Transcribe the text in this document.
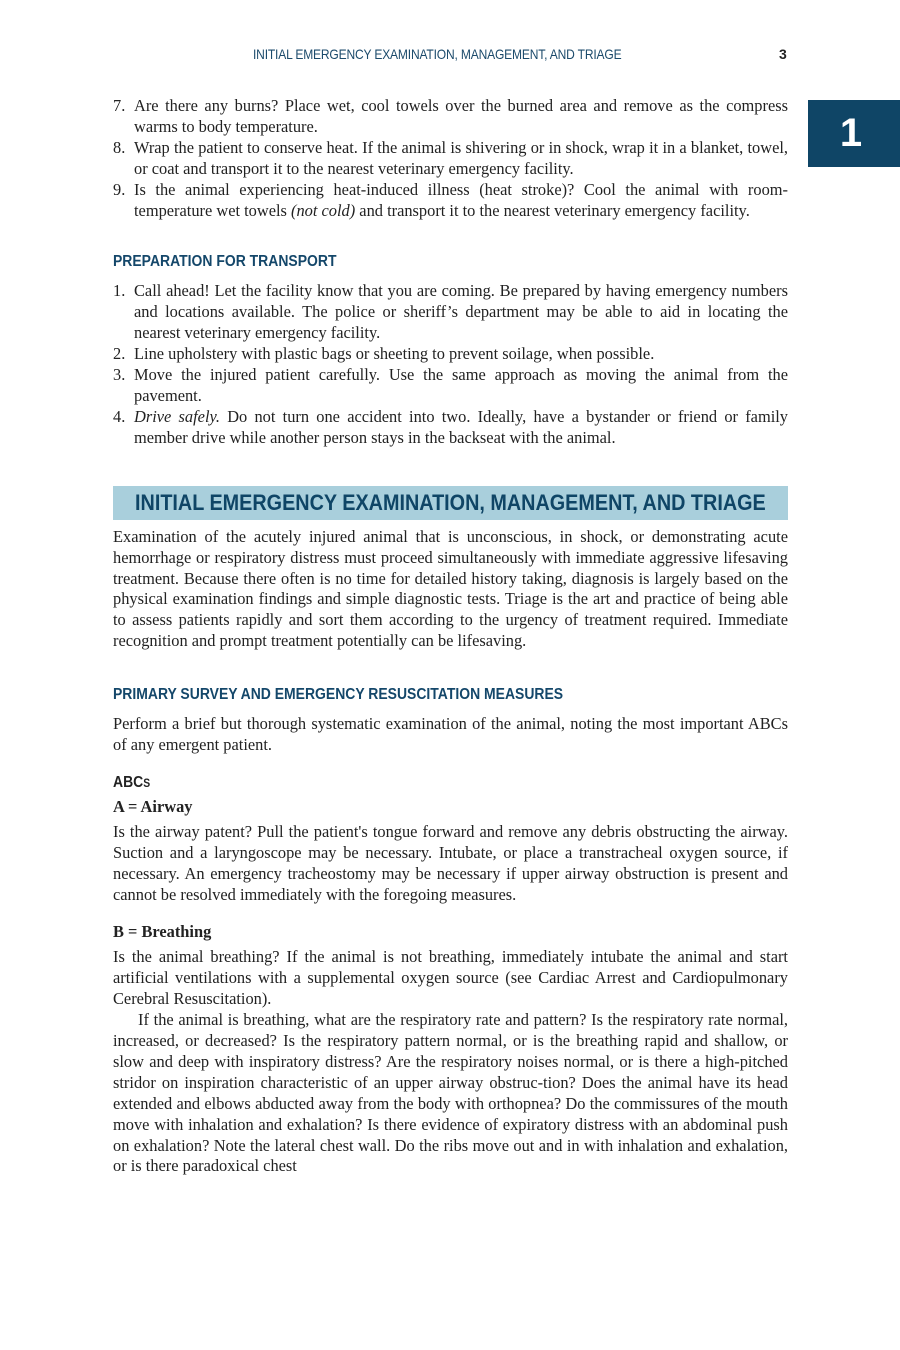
INITIAL EMERGENCY EXAMINATION, MANAGEMENT, AND TRIAGE	3
1
7. Are there any burns? Place wet, cool towels over the burned area and remove as the compress warms to body temperature.
8. Wrap the patient to conserve heat. If the animal is shivering or in shock, wrap it in a blanket, towel, or coat and transport it to the nearest veterinary emergency facility.
9. Is the animal experiencing heat-induced illness (heat stroke)? Cool the animal with room-temperature wet towels (not cold) and transport it to the nearest veterinary emergency facility.
PREPARATION FOR TRANSPORT
1. Call ahead! Let the facility know that you are coming. Be prepared by having emergency numbers and locations available. The police or sheriff’s department may be able to aid in locating the nearest veterinary emergency facility.
2. Line upholstery with plastic bags or sheeting to prevent soilage, when possible.
3. Move the injured patient carefully. Use the same approach as moving the animal from the pavement.
4. Drive safely. Do not turn one accident into two. Ideally, have a bystander or friend or family member drive while another person stays in the backseat with the animal.
INITIAL EMERGENCY EXAMINATION, MANAGEMENT, AND TRIAGE

Examination of the acutely injured animal that is unconscious, in shock, or demonstrating acute hemorrhage or respiratory distress must proceed simultaneously with immediate aggressive lifesaving treatment. Because there often is no time for detailed history taking, diagnosis is largely based on the physical examination findings and simple diagnostic tests. Triage is the art and practice of being able to assess patients rapidly and sort them according to the urgency of treatment required. Immediate recognition and prompt treatment potentially can be lifesaving.

PRIMARY SURVEY AND EMERGENCY RESUSCITATION MEASURES

Perform a brief but thorough systematic examination of the animal, noting the most important ABCs of any emergent patient.

ABCS

A = Airway

Is the airway patent? Pull the patient's tongue forward and remove any debris obstructing the airway. Suction and a laryngoscope may be necessary. Intubate, or place a transtracheal oxygen source, if necessary. An emergency tracheostomy may be necessary if upper airway obstruction is present and cannot be resolved immediately with the foregoing measures.

B = Breathing

Is the animal breathing? If the animal is not breathing, immediately intubate the animal and start artificial ventilations with a supplemental oxygen source (see Cardiac Arrest and Cardiopulmonary Cerebral Resuscitation).

If the animal is breathing, what are the respiratory rate and pattern? Is the respiratory rate normal, increased, or decreased? Is the respiratory pattern normal, or is the breathing rapid and shallow, or slow and deep with inspiratory distress? Are the respiratory noises normal, or is there a high-pitched stridor on inspiration characteristic of an upper airway obstruc-tion? Does the animal have its head extended and elbows abducted away from the body with orthopnea? Do the commissures of the mouth move with inhalation and exhalation? Is there evidence of expiratory distress with an abdominal push on exhalation? Note the lateral chest wall. Do the ribs move out and in with inhalation and exhalation, or is there paradoxical chest
